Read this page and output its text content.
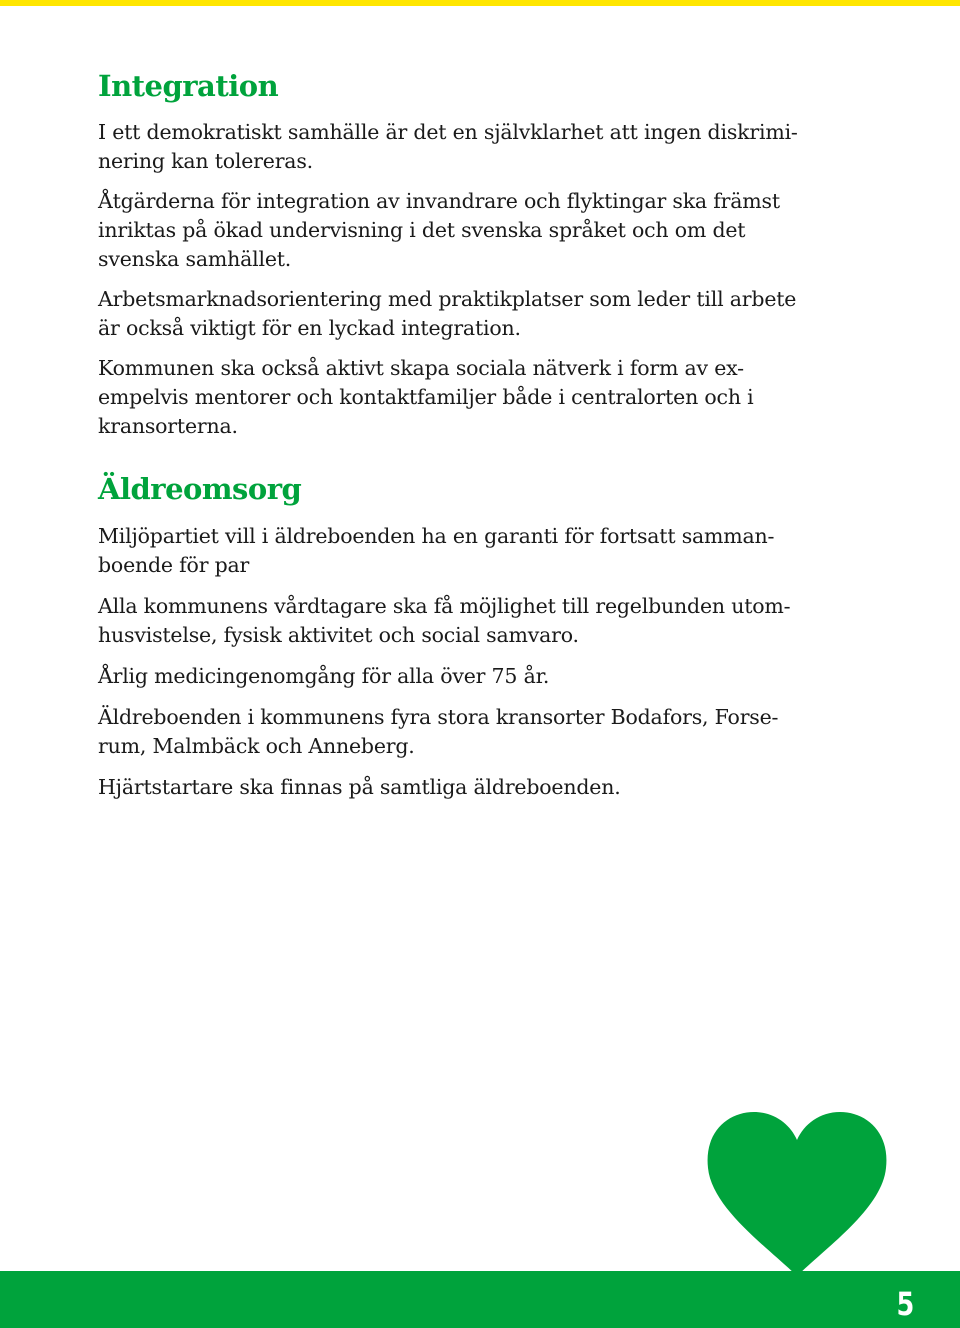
Integration

I ett demokratiskt samhälle är det en självklarhet att ingen diskrimi-
nering kan tolereras.

Åtgärderna för integration av invandrare och flyktingar ska främst
inriktas på ökad undervisning i det svenska språket och om det
svenska samhället.

Arbetsmarknadsorientering med praktikplatser som leder till arbete
är också viktigt för en lyckad integration.

Kommunen ska också aktivt skapa sociala nätverk i form av ex-
empelvis mentorer och kontaktfamiljer både i centralorten och i
kransorterna.

Äldreomsorg

Miljöpartiet vill i äldreboenden ha en garanti för fortsatt samman-
boende för par

Alla kommunens vårdtagare ska få möjlighet till regelbunden utom-
husvistelse, fysisk aktivitet och social samvaro.

Årlig medicingenomgång för alla över 75 år.

Äldreboenden i kommunens fyra stora kransorter Bodafors, Forse-
rum, Malmbäck och Anneberg.

Hjärtstartare ska finnas på samtliga äldreboenden.

5
